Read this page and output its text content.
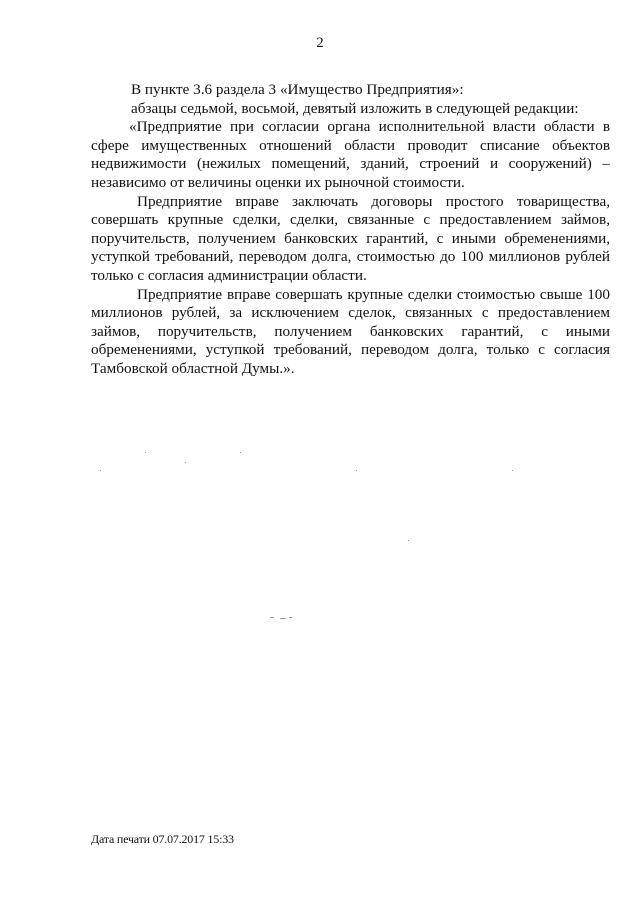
2

В пункте 3.6 раздела 3 «Имущество Предприятия»:

абзацы седьмой, восьмой, девятый изложить в следующей редакции:

«Предприятие при согласии органа исполнительной власти области в сфере имущественных отношений области проводит списание объектов недвижимости (нежилых помещений, зданий, строений и сооружений) – независимо от величины оценки их рыночной стоимости.

Предприятие вправе заключать договоры простого товарищества, совершать крупные сделки, сделки, связанные с предоставлением займов, поручительств, получением банковских гарантий, с иными обременениями, уступкой требований, переводом долга, стоимостью до 100 миллионов рублей только с согласия администрации области.

Предприятие вправе совершать крупные сделки стоимостью свыше 100 миллионов рублей, за исключением сделок, связанных с предоставлением займов, поручительств, получением банковских гарантий, с иными обременениями, уступкой требований, переводом долга, только с согласия Тамбовской областной Думы.».

Дата печати 07.07.2017 15:33
